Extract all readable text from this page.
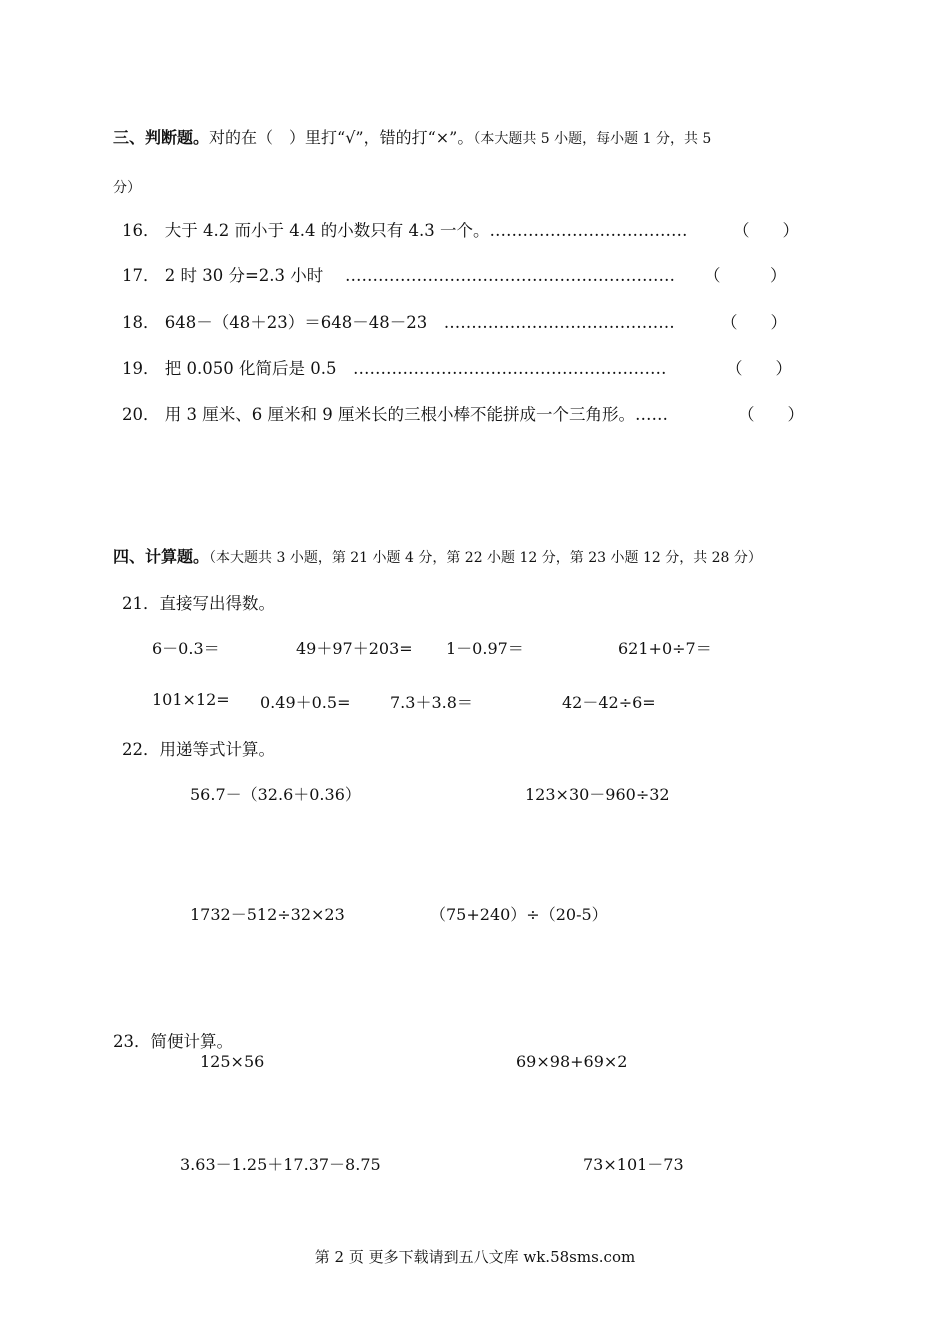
三、判断题。对的在（　）里打“√”，错的打“×”。（本大题共 5 小题，每小题 1 分，共 5
分）
16． 大于 4.2 而小于 4.4 的小数只有 4.3 一个。………………………………	（　　）
17． 2 时 30 分=2.3 小时　 …………………………………………………… （　　　）
18． 648－（48＋23）＝648－48－23　……………………………………	（　　）
19． 把 0.050 化简后是 0.5　…………………………………………………	（　　）
20． 用 3 厘米、6 厘米和 9 厘米长的三根小棒不能拼成一个三角形。……	（　　）
四、计算题。（本大题共 3 小题，第 21 小题 4 分，第 22 小题 12 分，第 23 小题 12 分，共 28 分）
21．直接写出得数。
6－0.3＝	49＋97＋203= 1－0.97＝	621+0÷7＝
101×12= 0.49＋0.5= 7.3＋3.8＝	42－42÷6=
22．用递等式计算。
56.7－（32.6＋0.36）	123×30－960÷32
1732－512÷32×23	（75+240）÷（20-5）
23．简便计算。
125×56	69×98+69×2
3.63－1.25＋17.37－8.75	73×101－73
第 2 页 更多下载请到五八文库 wk.58sms.com
